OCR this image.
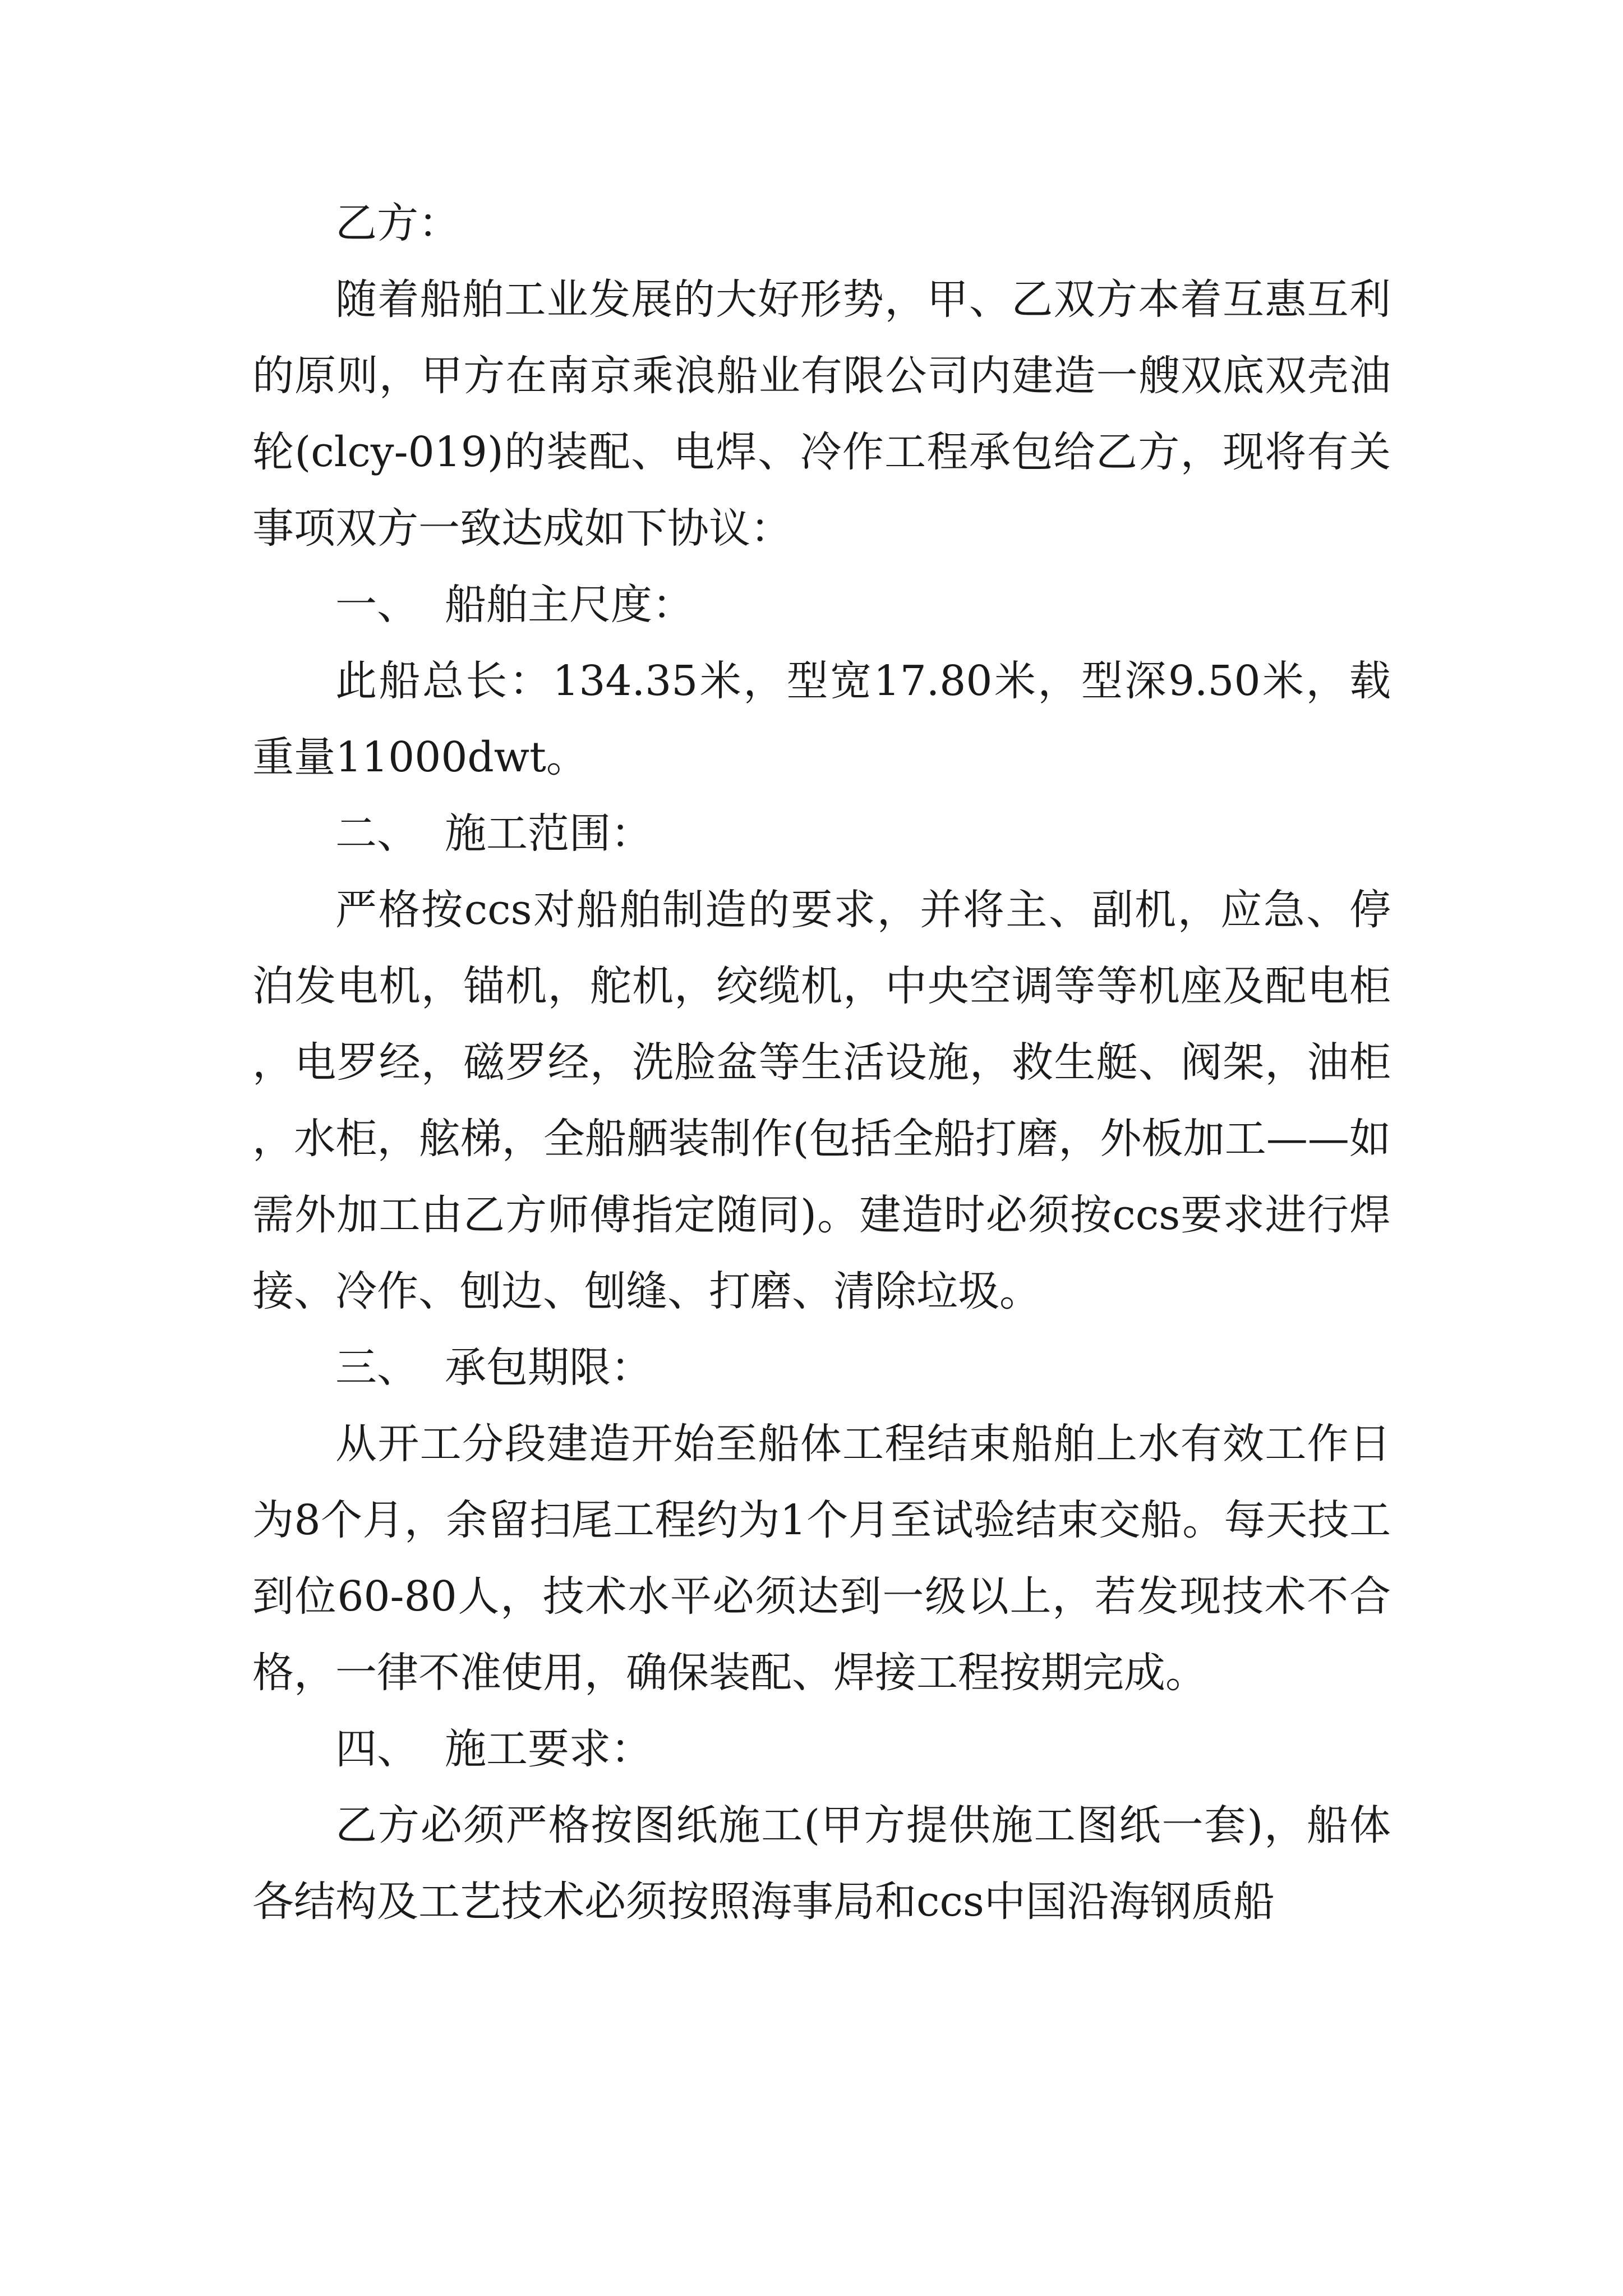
乙方：

随着船舶工业发展的大好形势，甲、乙双方本着互惠互利的原则，甲方在南京乘浪船业有限公司内建造一艘双底双壳油轮(clcy-019)的装配、电焊、冷作工程承包给乙方，现将有关事项双方一致达成如下协议：

一、  船舶主尺度：

此船总长：134.35米，型宽17.80米，型深9.50米，载重量11000dwt。

二、  施工范围：

严格按ccs对船舶制造的要求，并将主、副机，应急、停泊发电机，锚机，舵机，绞缆机，中央空调等等机座及配电柜，电罗经，磁罗经，洗脸盆等生活设施，救生艇、阀架，油柜，水柜，舷梯，全船舾装制作(包括全船打磨，外板加工——如需外加工由乙方师傅指定随同)。建造时必须按ccs要求进行焊接、冷作、刨边、刨缝、打磨、清除垃圾。

三、  承包期限：

从开工分段建造开始至船体工程结束船舶上水有效工作日为8个月，余留扫尾工程约为1个月至试验结束交船。每天技工到位60-80人，技术水平必须达到一级以上，若发现技术不合格，一律不准使用，确保装配、焊接工程按期完成。

四、  施工要求：

乙方必须严格按图纸施工(甲方提供施工图纸一套)，船体各结构及工艺技术必须按照海事局和ccs中国沿海钢质船
